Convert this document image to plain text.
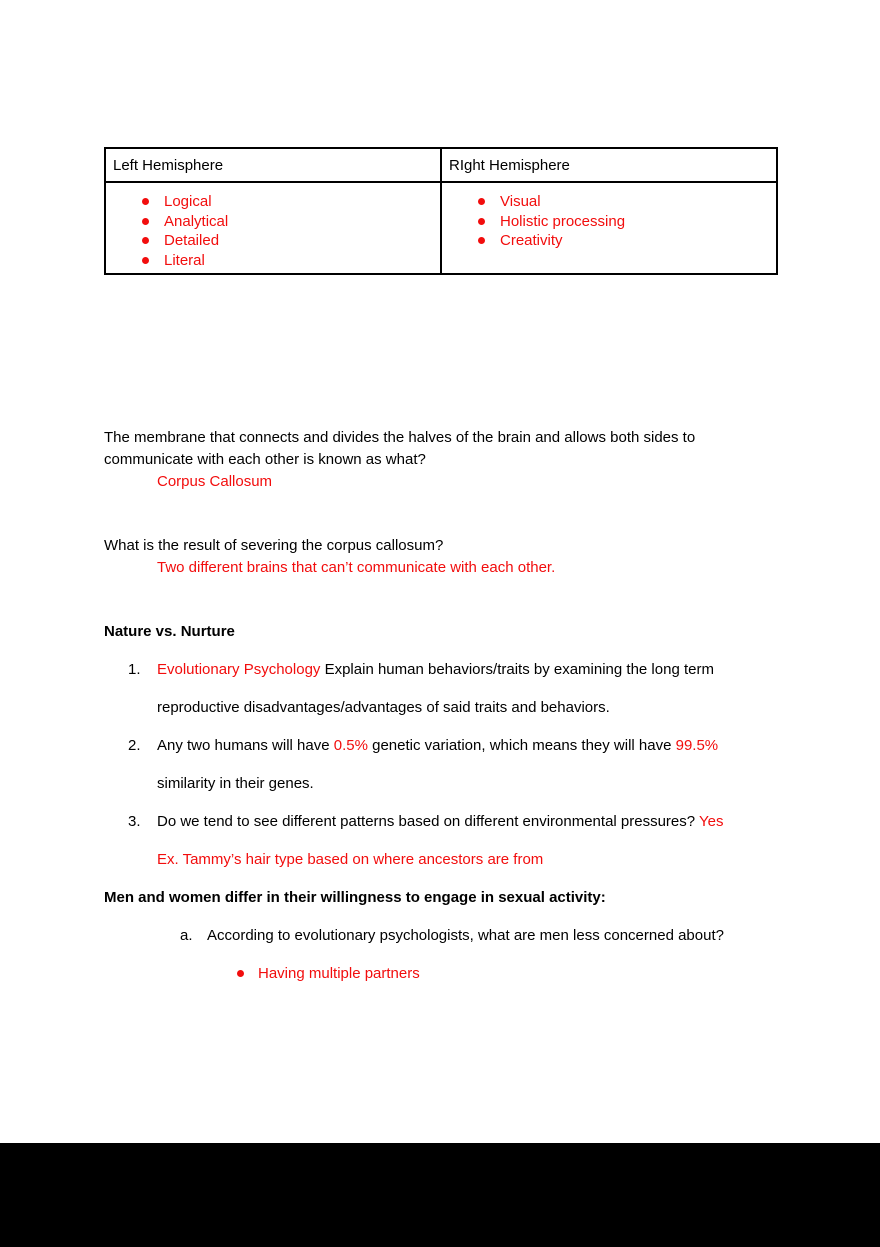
Left Hemisphere	RIght Hemisphere

Logical
Analytical
Detailed
Literal

Visual
Holistic processing
Creativity
The membrane that connects and divides the halves of the brain and allows both sides to
communicate with each other is known as what?
Corpus Callosum
What is the result of severing the corpus callosum?
Two different brains that can’t communicate with each other.
Nature vs. Nurture
1. Evolutionary Psychology Explain human behaviors/traits by examining the long term
reproductive disadvantages/advantages of said traits and behaviors.
2. Any two humans will have 0.5% genetic variation, which means they will have 99.5%
similarity in their genes.
3. Do we tend to see different patterns based on different environmental pressures? Yes
Ex. Tammy’s hair type based on where ancestors are from
Men and women differ in their willingness to engage in sexual activity:
a. According to evolutionary psychologists, what are men less concerned about?
Having multiple partners
